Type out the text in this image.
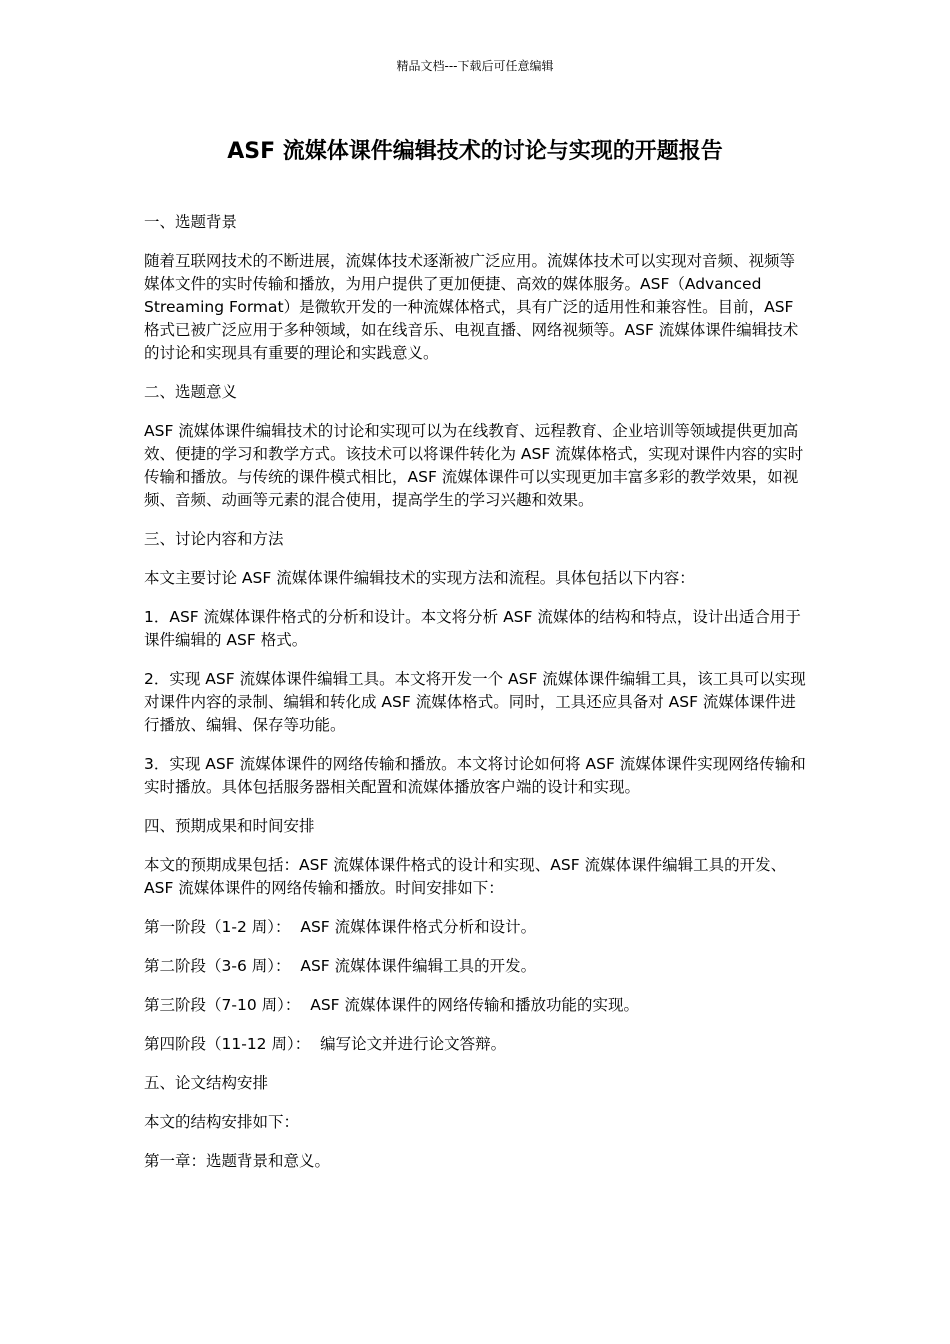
精品文档---下载后可任意编辑
ASF 流媒体课件编辑技术的讨论与实现的开题报告

一、选题背景

随着互联网技术的不断进展，流媒体技术逐渐被广泛应用。流媒体技术可以实现对音频、视频等媒体文件的实时传输和播放，为用户提供了更加便捷、高效的媒体服务。ASF（Advanced Streaming Format）是微软开发的一种流媒体格式，具有广泛的适用性和兼容性。目前，ASF 格式已被广泛应用于多种领域，如在线音乐、电视直播、网络视频等。ASF 流媒体课件编辑技术的讨论和实现具有重要的理论和实践意义。

二、选题意义

ASF 流媒体课件编辑技术的讨论和实现可以为在线教育、远程教育、企业培训等领域提供更加高效、便捷的学习和教学方式。该技术可以将课件转化为 ASF 流媒体格式，实现对课件内容的实时传输和播放。与传统的课件模式相比，ASF 流媒体课件可以实现更加丰富多彩的教学效果，如视频、音频、动画等元素的混合使用，提高学生的学习兴趣和效果。

三、讨论内容和方法

本文主要讨论 ASF 流媒体课件编辑技术的实现方法和流程。具体包括以下内容：

1．ASF 流媒体课件格式的分析和设计。本文将分析 ASF 流媒体的结构和特点，设计出适合用于课件编辑的 ASF 格式。

2．实现 ASF 流媒体课件编辑工具。本文将开发一个 ASF 流媒体课件编辑工具，该工具可以实现对课件内容的录制、编辑和转化成 ASF 流媒体格式。同时，工具还应具备对 ASF 流媒体课件进行播放、编辑、保存等功能。

3．实现 ASF 流媒体课件的网络传输和播放。本文将讨论如何将 ASF 流媒体课件实现网络传输和实时播放。具体包括服务器相关配置和流媒体播放客户端的设计和实现。

四、预期成果和时间安排

本文的预期成果包括：ASF 流媒体课件格式的设计和实现、ASF 流媒体课件编辑工具的开发、ASF 流媒体课件的网络传输和播放。时间安排如下：

第一阶段（1-2 周）：  ASF 流媒体课件格式分析和设计。

第二阶段（3-6 周）：  ASF 流媒体课件编辑工具的开发。

第三阶段（7-10 周）：  ASF 流媒体课件的网络传输和播放功能的实现。

第四阶段（11-12 周）：  编写论文并进行论文答辩。

五、论文结构安排

本文的结构安排如下：

第一章：选题背景和意义。
